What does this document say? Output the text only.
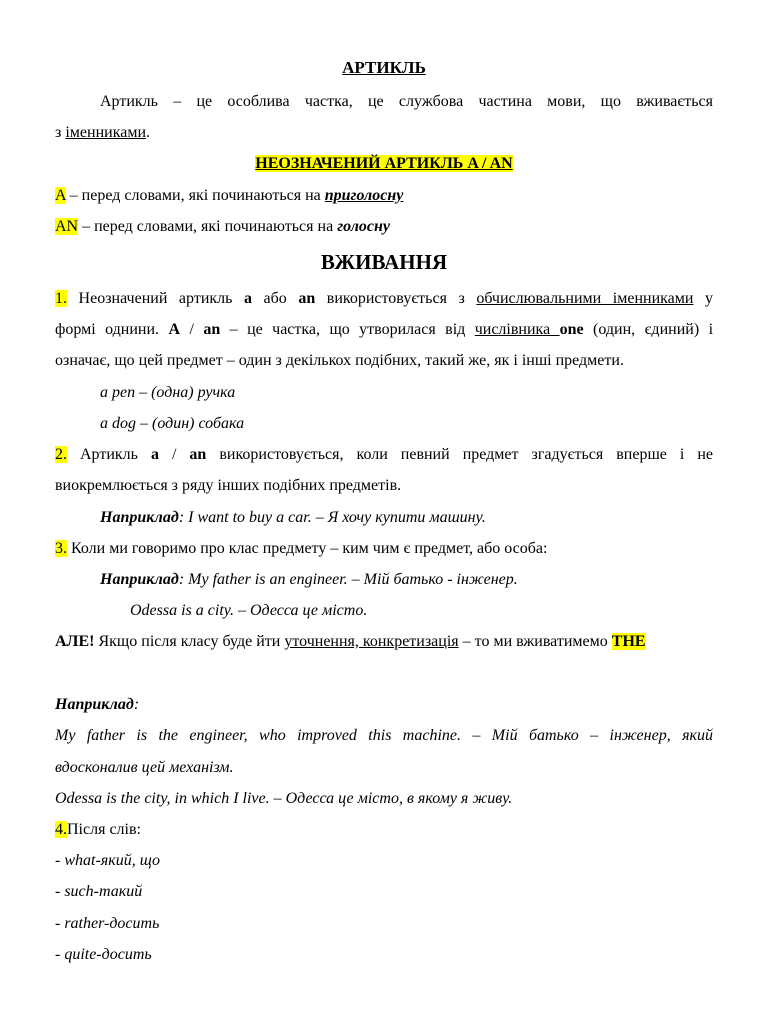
АРТИКЛЬ
Артикль – це особлива частка, це службова частина мови, що вживається
з іменниками.
НЕОЗНАЧЕНИЙ АРТИКЛЬ A / AN
A – перед словами, які починаються на приголосну
AN – перед словами, які починаються на голосну
ВЖИВАННЯ
1. Неозначений артикль a або an використовується з обчислювальними іменниками у
формі однини. A / an – це частка, що утворилася від числівника one (один, єдиний) і
означає, що цей предмет – один з декількох подібних, такий же, як і інші предмети.
a pen – (одна) ручка
a dog – (один) собака
2. Артикль a / an використовується, коли певний предмет згадується вперше і не
виокремлюється з ряду інших подібних предметів.
Наприклад: I want to buy a car. – Я хочу купити машину.
3. Коли ми говоримо про клас предмету – ким чим є предмет, або особа:
Наприклад: My father is an engineer. – Мій батько - інженер.
Odessa is a city. – Одесса це місто.
АЛЕ! Якщо після класу буде йти уточнення, конкретизація – то ми вживатимемо THE
Наприклад:
My father is the engineer, who improved this machine. – Мій батько – інженер, який
вдосконалив цей механізм.
Odessa is the city, in which I live. – Одесса це місто, в якому я живу.
4.Після слів:
- what-який, що
- such-такий
- rather-досить
- quite-досить
